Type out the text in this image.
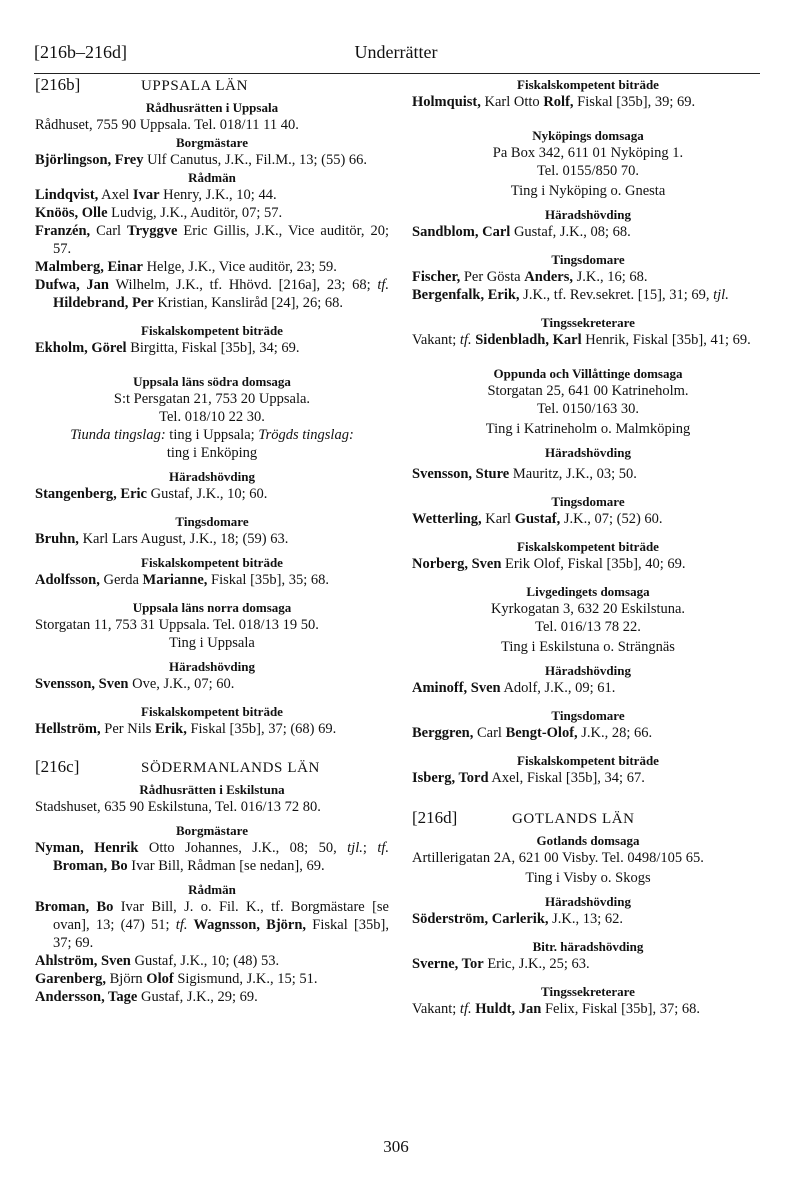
[216b–216d]	Underrätter
[216b]	UPPSALA LÄN
Rådhusrätten i Uppsala
Rådhuset, 755 90 Uppsala. Tel. 018/11 11 40.
Borgmästare
Björlingson, Frey Ulf Canutus, J.K., Fil.M., 13; (55) 66.
Rådmän
Lindqvist, Axel Ivar Henry, J.K., 10; 44.
Knöös, Olle Ludvig, J.K., Auditör, 07; 57.
Franzén, Carl Tryggve Eric Gillis, J.K., Vice auditör, 20; 57.
Malmberg, Einar Helge, J.K., Vice auditör, 23; 59.
Dufwa, Jan Wilhelm, J.K., tf. Hhövd. [216a], 23; 68; tf. Hildebrand, Per Kristian, Kansliråd [24], 26; 68.
Fiskalskompetent biträde
Ekholm, Görel Birgitta, Fiskal [35b], 34; 69.
Uppsala läns södra domsaga
S:t Persgatan 21, 753 20 Uppsala.
Tel. 018/10 22 30.
Tiunda tingslag: ting i Uppsala; Trögds tingslag:
ting i Enköping
Häradshövding
Stangenberg, Eric Gustaf, J.K., 10; 60.
Tingsdomare
Bruhn, Karl Lars August, J.K., 18; (59) 63.
Fiskalskompetent biträde
Adolfsson, Gerda Marianne, Fiskal [35b], 35; 68.
Uppsala läns norra domsaga
Storgatan 11, 753 31 Uppsala. Tel. 018/13 19 50.
Ting i Uppsala
Häradshövding
Svensson, Sven Ove, J.K., 07; 60.
Fiskalskompetent biträde
Hellström, Per Nils Erik, Fiskal [35b], 37; (68) 69.
[216c]	SÖDERMANLANDS LÄN
Rådhusrätten i Eskilstuna
Stadshuset, 635 90 Eskilstuna, Tel. 016/13 72 80.
Borgmästare
Nyman, Henrik Otto Johannes, J.K., 08; 50, tjl.; tf. Broman, Bo Ivar Bill, Rådman [se nedan], 69.
Rådmän
Broman, Bo Ivar Bill, J. o. Fil. K., tf. Borgmästare [se ovan], 13; (47) 51; tf. Wagnsson, Björn, Fiskal [35b], 37; 69.
Ahlström, Sven Gustaf, J.K., 10; (48) 53.
Garenberg, Björn Olof Sigismund, J.K., 15; 51.
Andersson, Tage Gustaf, J.K., 29; 69.
Fiskalskompetent biträde
Holmquist, Karl Otto Rolf, Fiskal [35b], 39; 69.
Nyköpings domsaga
Pa Box 342, 611 01 Nyköping 1.
Tel. 0155/850 70.
Ting i Nyköping o. Gnesta
Häradshövding
Sandblom, Carl Gustaf, J.K., 08; 68.
Tingsdomare
Fischer, Per Gösta Anders, J.K., 16; 68.
Bergenfalk, Erik, J.K., tf. Rev.sekret. [15], 31; 69, tjl.
Tingssekreterare
Vakant; tf. Sidenbladh, Karl Henrik, Fiskal [35b], 41; 69.
Oppunda och Villåttinge domsaga
Storgatan 25, 641 00 Katrineholm.
Tel. 0150/163 30.
Ting i Katrineholm o. Malmköping
Häradshövding
Svensson, Sture Mauritz, J.K., 03; 50.
Tingsdomare
Wetterling, Karl Gustaf, J.K., 07; (52) 60.
Fiskalskompetent biträde
Norberg, Sven Erik Olof, Fiskal [35b], 40; 69.
Livgedingets domsaga
Kyrkogatan 3, 632 20 Eskilstuna.
Tel. 016/13 78 22.
Ting i Eskilstuna o. Strängnäs
Häradshövding
Aminoff, Sven Adolf, J.K., 09; 61.
Tingsdomare
Berggren, Carl Bengt-Olof, J.K., 28; 66.
Fiskalskompetent biträde
Isberg, Tord Axel, Fiskal [35b], 34; 67.
[216d]	GOTLANDS LÄN
Gotlands domsaga
Artillerigatan 2A, 621 00 Visby. Tel. 0498/105 65.
Ting i Visby o. Skogs
Häradshövding
Söderström, Carlerik, J.K., 13; 62.
Bitr. häradshövding
Sverne, Tor Eric, J.K., 25; 63.
Tingssekreterare
Vakant; tf. Huldt, Jan Felix, Fiskal [35b], 37; 68.
306
